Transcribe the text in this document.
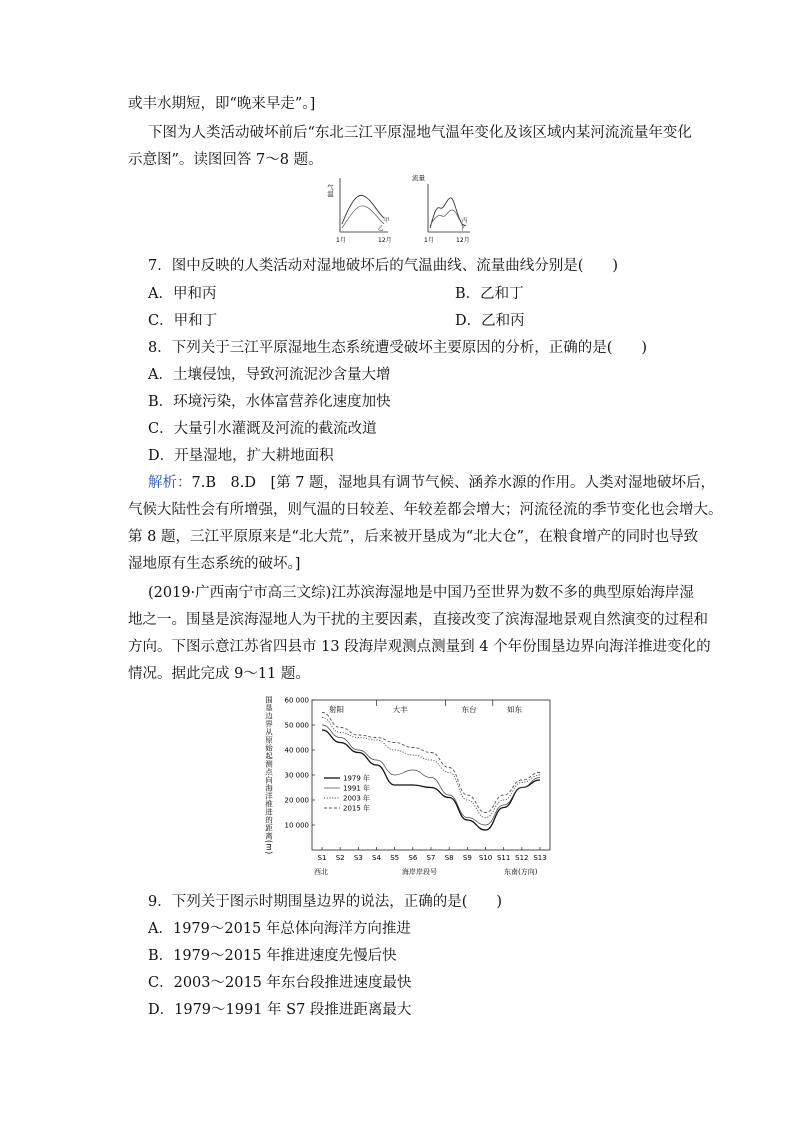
或丰水期短，即“晚来早走”。]
下图为人类活动破坏前后“东北三江平原湿地气温年变化及该区域内某河流流量年变化
示意图”。读图回答 7～8 题。
气温
甲
乙
1月	12月
流量
丙
丁
1月	12月
7．图中反映的人类活动对湿地破坏后的气温曲线、流量曲线分别是(　　)
A．甲和丙	B．乙和丁
C．甲和丁	D．乙和丙
8．下列关于三江平原湿地生态系统遭受破坏主要原因的分析，正确的是(　　)
A．土壤侵蚀，导致河流泥沙含量大增
B．环境污染，水体富营养化速度加快
C．大量引水灌溉及河流的截流改道
D．开垦湿地，扩大耕地面积
解析：7.B　8.D　[第 7 题，湿地具有调节气候、涵养水源的作用。人类对湿地破坏后，
气候大陆性会有所增强，则气温的日较差、年较差都会增大；河流径流的季节变化也会增大。
第 8 题，三江平原原来是“北大荒”，后来被开垦成为“北大仓”，在粮食增产的同时也导致
湿地原有生态系统的破坏。]
(2019·广西南宁市高三文综)江苏滨海湿地是中国乃至世界为数不多的典型原始海岸湿
地之一。围垦是滨海湿地人为干扰的主要因素，直接改变了滨海湿地景观自然演变的过程和
方向。下图示意江苏省四县市 13 段海岸观测点测量到 4 个年份围垦边界向海洋推进变化的
情况。据此完成 9～11 题。
围垦边界从原始起测点向海洋推进的距离(m) 10 000
20 000
30 000
40 000
50 000
60 000
S1 S2 S3 S4 S5 S6 S7 S8 S9 S10 S11 S12 S13
射阳	大丰	东台	如东
1979 年
1991 年
2003 年
2015 年
西北	海岸岸段号	东南(方向)
9．下列关于图示时期围垦边界的说法，正确的是(　　)
A．1979～2015 年总体向海洋方向推进
B．1979～2015 年推进速度先慢后快
C．2003～2015 年东台段推进速度最快
D．1979～1991 年 S7 段推进距离最大
